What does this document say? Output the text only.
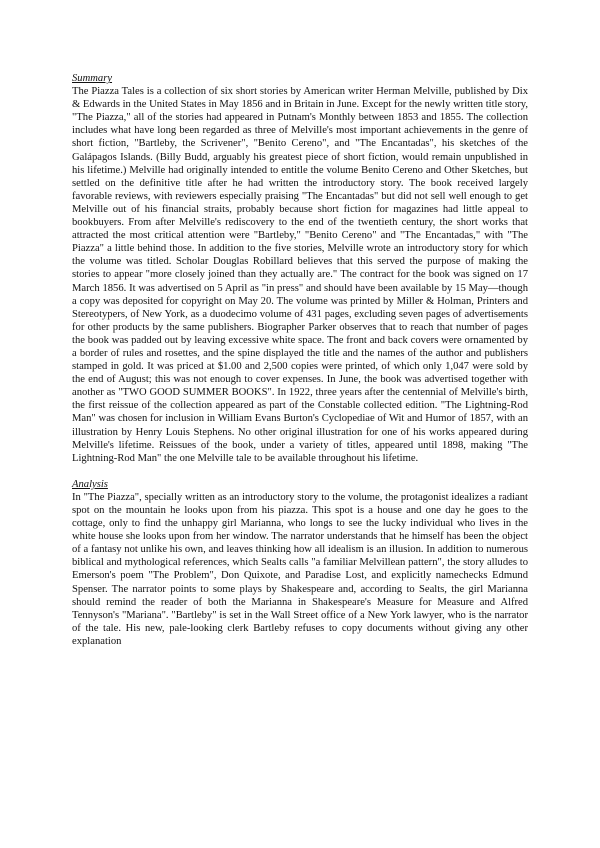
Summary

The Piazza Tales is a collection of six short stories by American writer Herman Melville, published by Dix & Edwards in the United States in May 1856 and in Britain in June. Except for the newly written title story, "The Piazza," all of the stories had appeared in Putnam's Monthly between 1853 and 1855. The collection includes what have long been regarded as three of Melville's most important achievements in the genre of short fiction, "Bartleby, the Scrivener", "Benito Cereno", and "The Encantadas", his sketches of the Galápagos Islands. (Billy Budd, arguably his greatest piece of short fiction, would remain unpublished in his lifetime.) Melville had originally intended to entitle the volume Benito Cereno and Other Sketches, but settled on the definitive title after he had written the introductory story. The book received largely favorable reviews, with reviewers especially praising "The Encantadas" but did not sell well enough to get Melville out of his financial straits, probably because short fiction for magazines had little appeal to bookbuyers. From after Melville's rediscovery to the end of the twentieth century, the short works that attracted the most critical attention were "Bartleby," "Benito Cereno" and "The Encantadas," with "The Piazza" a little behind those. In addition to the five stories, Melville wrote an introductory story for which the volume was titled. Scholar Douglas Robillard believes that this served the purpose of making the stories to appear "more closely joined than they actually are." The contract for the book was signed on 17 March 1856. It was advertised on 5 April as "in press" and should have been available by 15 May—though a copy was deposited for copyright on May 20. The volume was printed by Miller & Holman, Printers and Stereotypers, of New York, as a duodecimo volume of 431 pages, excluding seven pages of advertisements for other products by the same publishers. Biographer Parker observes that to reach that number of pages the book was padded out by leaving excessive white space. The front and back covers were ornamented by a border of rules and rosettes, and the spine displayed the title and the names of the author and publishers stamped in gold. It was priced at $1.00 and 2,500 copies were printed, of which only 1,047 were sold by the end of August; this was not enough to cover expenses. In June, the book was advertised together with another as "TWO GOOD SUMMER BOOKS". In 1922, three years after the centennial of Melville's birth, the first reissue of the collection appeared as part of the Constable collected edition. "The Lightning-Rod Man" was chosen for inclusion in William Evans Burton's Cyclopediae of Wit and Humor of 1857, with an illustration by Henry Louis Stephens. No other original illustration for one of his works appeared during Melville's lifetime. Reissues of the book, under a variety of titles, appeared until 1898, making "The Lightning-Rod Man" the one Melville tale to be available throughout his lifetime.

Analysis

In "The Piazza", specially written as an introductory story to the volume, the protagonist idealizes a radiant spot on the mountain he looks upon from his piazza. This spot is a house and one day he goes to the cottage, only to find the unhappy girl Marianna, who longs to see the lucky individual who lives in the white house she looks upon from her window. The narrator understands that he himself has been the object of a fantasy not unlike his own, and leaves thinking how all idealism is an illusion. In addition to numerous biblical and mythological references, which Sealts calls "a familiar Melvillean pattern", the story alludes to Emerson's poem "The Problem", Don Quixote, and Paradise Lost, and explicitly namechecks Edmund Spenser. The narrator points to some plays by Shakespeare and, according to Sealts, the girl Marianna should remind the reader of both the Marianna in Shakespeare's Measure for Measure and Alfred Tennyson's "Mariana". "Bartleby" is set in the Wall Street office of a New York lawyer, who is the narrator of the tale. His new, pale-looking clerk Bartleby refuses to copy documents without giving any other explanation
